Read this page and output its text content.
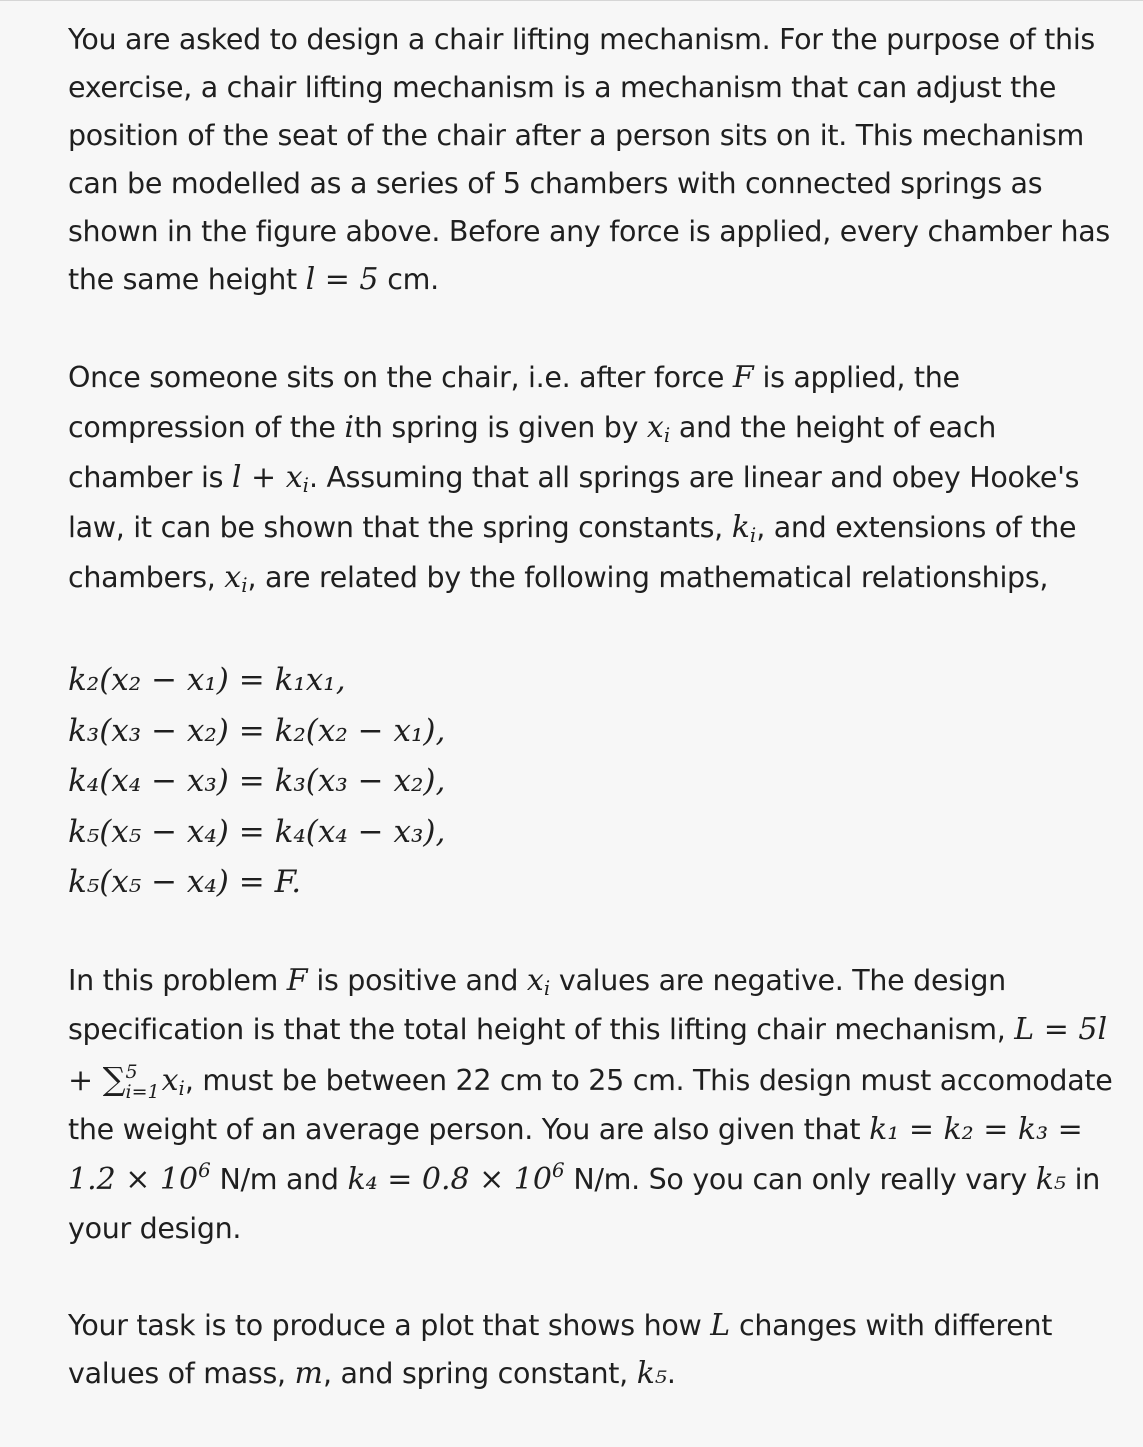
You are asked to design a chair lifting mechanism. For the purpose of this exercise, a chair lifting mechanism is a mechanism that can adjust the position of the seat of the chair after a person sits on it. This mechanism can be modelled as a series of 5 chambers with connected springs as shown in the figure above. Before any force is applied, every chamber has the same height l = 5 cm.

Once someone sits on the chair, i.e. after force F is applied, the compression of the ith spring is given by $x_i$ and the height of each chamber is $l + x_i$. Assuming that all springs are linear and obey Hooke's law, it can be shown that the spring constants, $k_i$, and extensions of the chambers, $x_i$, are related by the following mathematical relationships,

k₂(x₂ − x₁) = k₁x₁,
k₃(x₃ − x₂) = k₂(x₂ − x₁),
k₄(x₄ − x₃) = k₃(x₃ − x₂),
k₅(x₅ − x₄) = k₄(x₄ − x₃),
k₅(x₅ − x₄) = F.

In this problem F is positive and $x_i$ values are negative. The design specification is that the total height of this lifting chair mechanism, L = 5l + ∑ 5
i=1 $x_i$, must be between 22 cm to 25 cm. This design must accomodate the weight of an average person. You are also given that $k_1 = k_2 = k_3 = 1.2 \times 10^6$ N/m and $k_4 = 0.8 \times 10^6$ N/m. So you can only really vary k₅ in your design.

Your task is to produce a plot that shows how L changes with different values of mass, m, and spring constant, k₅.
